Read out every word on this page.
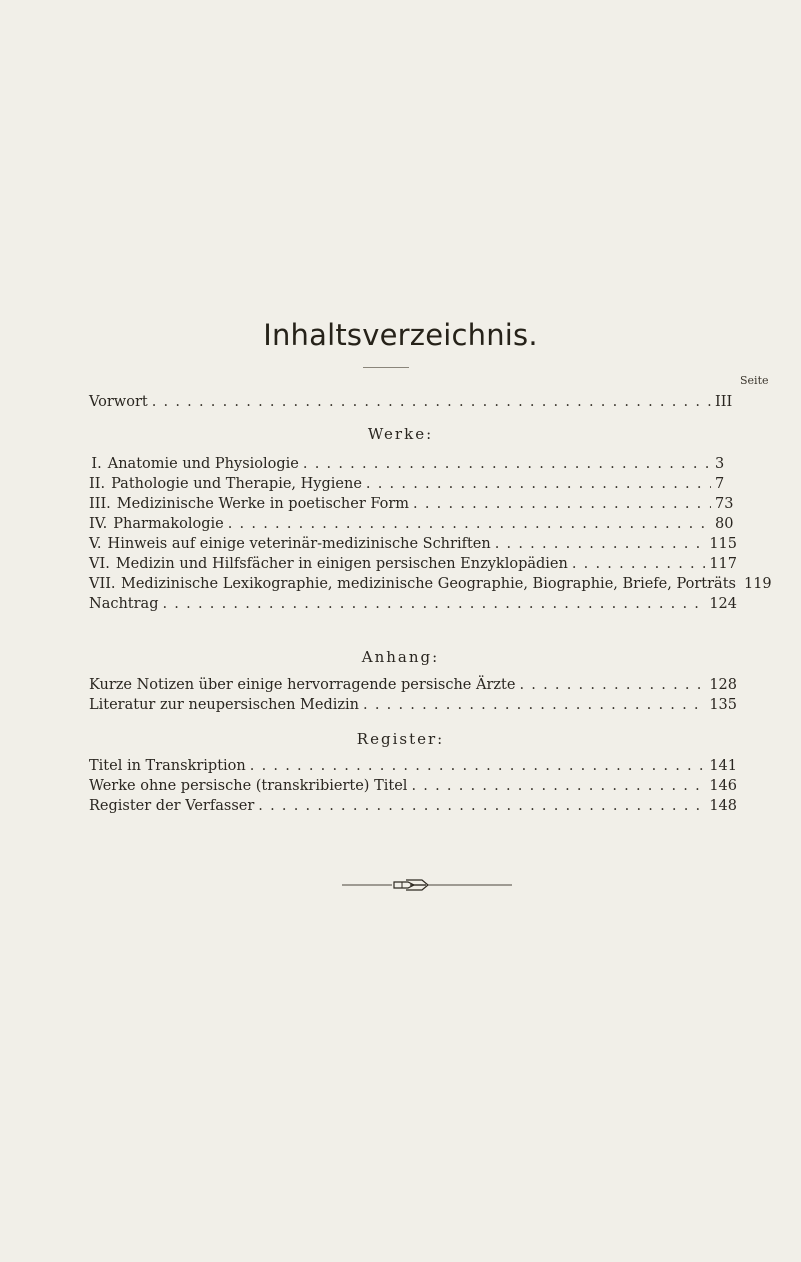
Inhaltsverzeichnis.
Seite
Vorwort . . .	III
Werke:
I. Anatomie und Physiologie . . .	3
II. Pathologie und Therapie, Hygiene . . .	7
III. Medizinische Werke in poetischer Form . . .	73
IV. Pharmakologie . . .	80
V. Hinweis auf einige veterinär-medizinische Schriften . . .	115
VI. Medizin und Hilfsfächer in einigen persischen Enzyklopädien . . .	117
VII. Medizinische Lexikographie, medizinische Geographie, Biographie, Briefe, Porträts 119
Nachtrag . . .	124
Anhang:
Kurze Notizen über einige hervorragende persische Ärzte . . .	128
Literatur zur neupersischen Medizin . . .	135
Register:
Titel in Transkription . . .	141
Werke ohne persische (transkribierte) Titel . . .	146
Register der Verfasser . . .	148
